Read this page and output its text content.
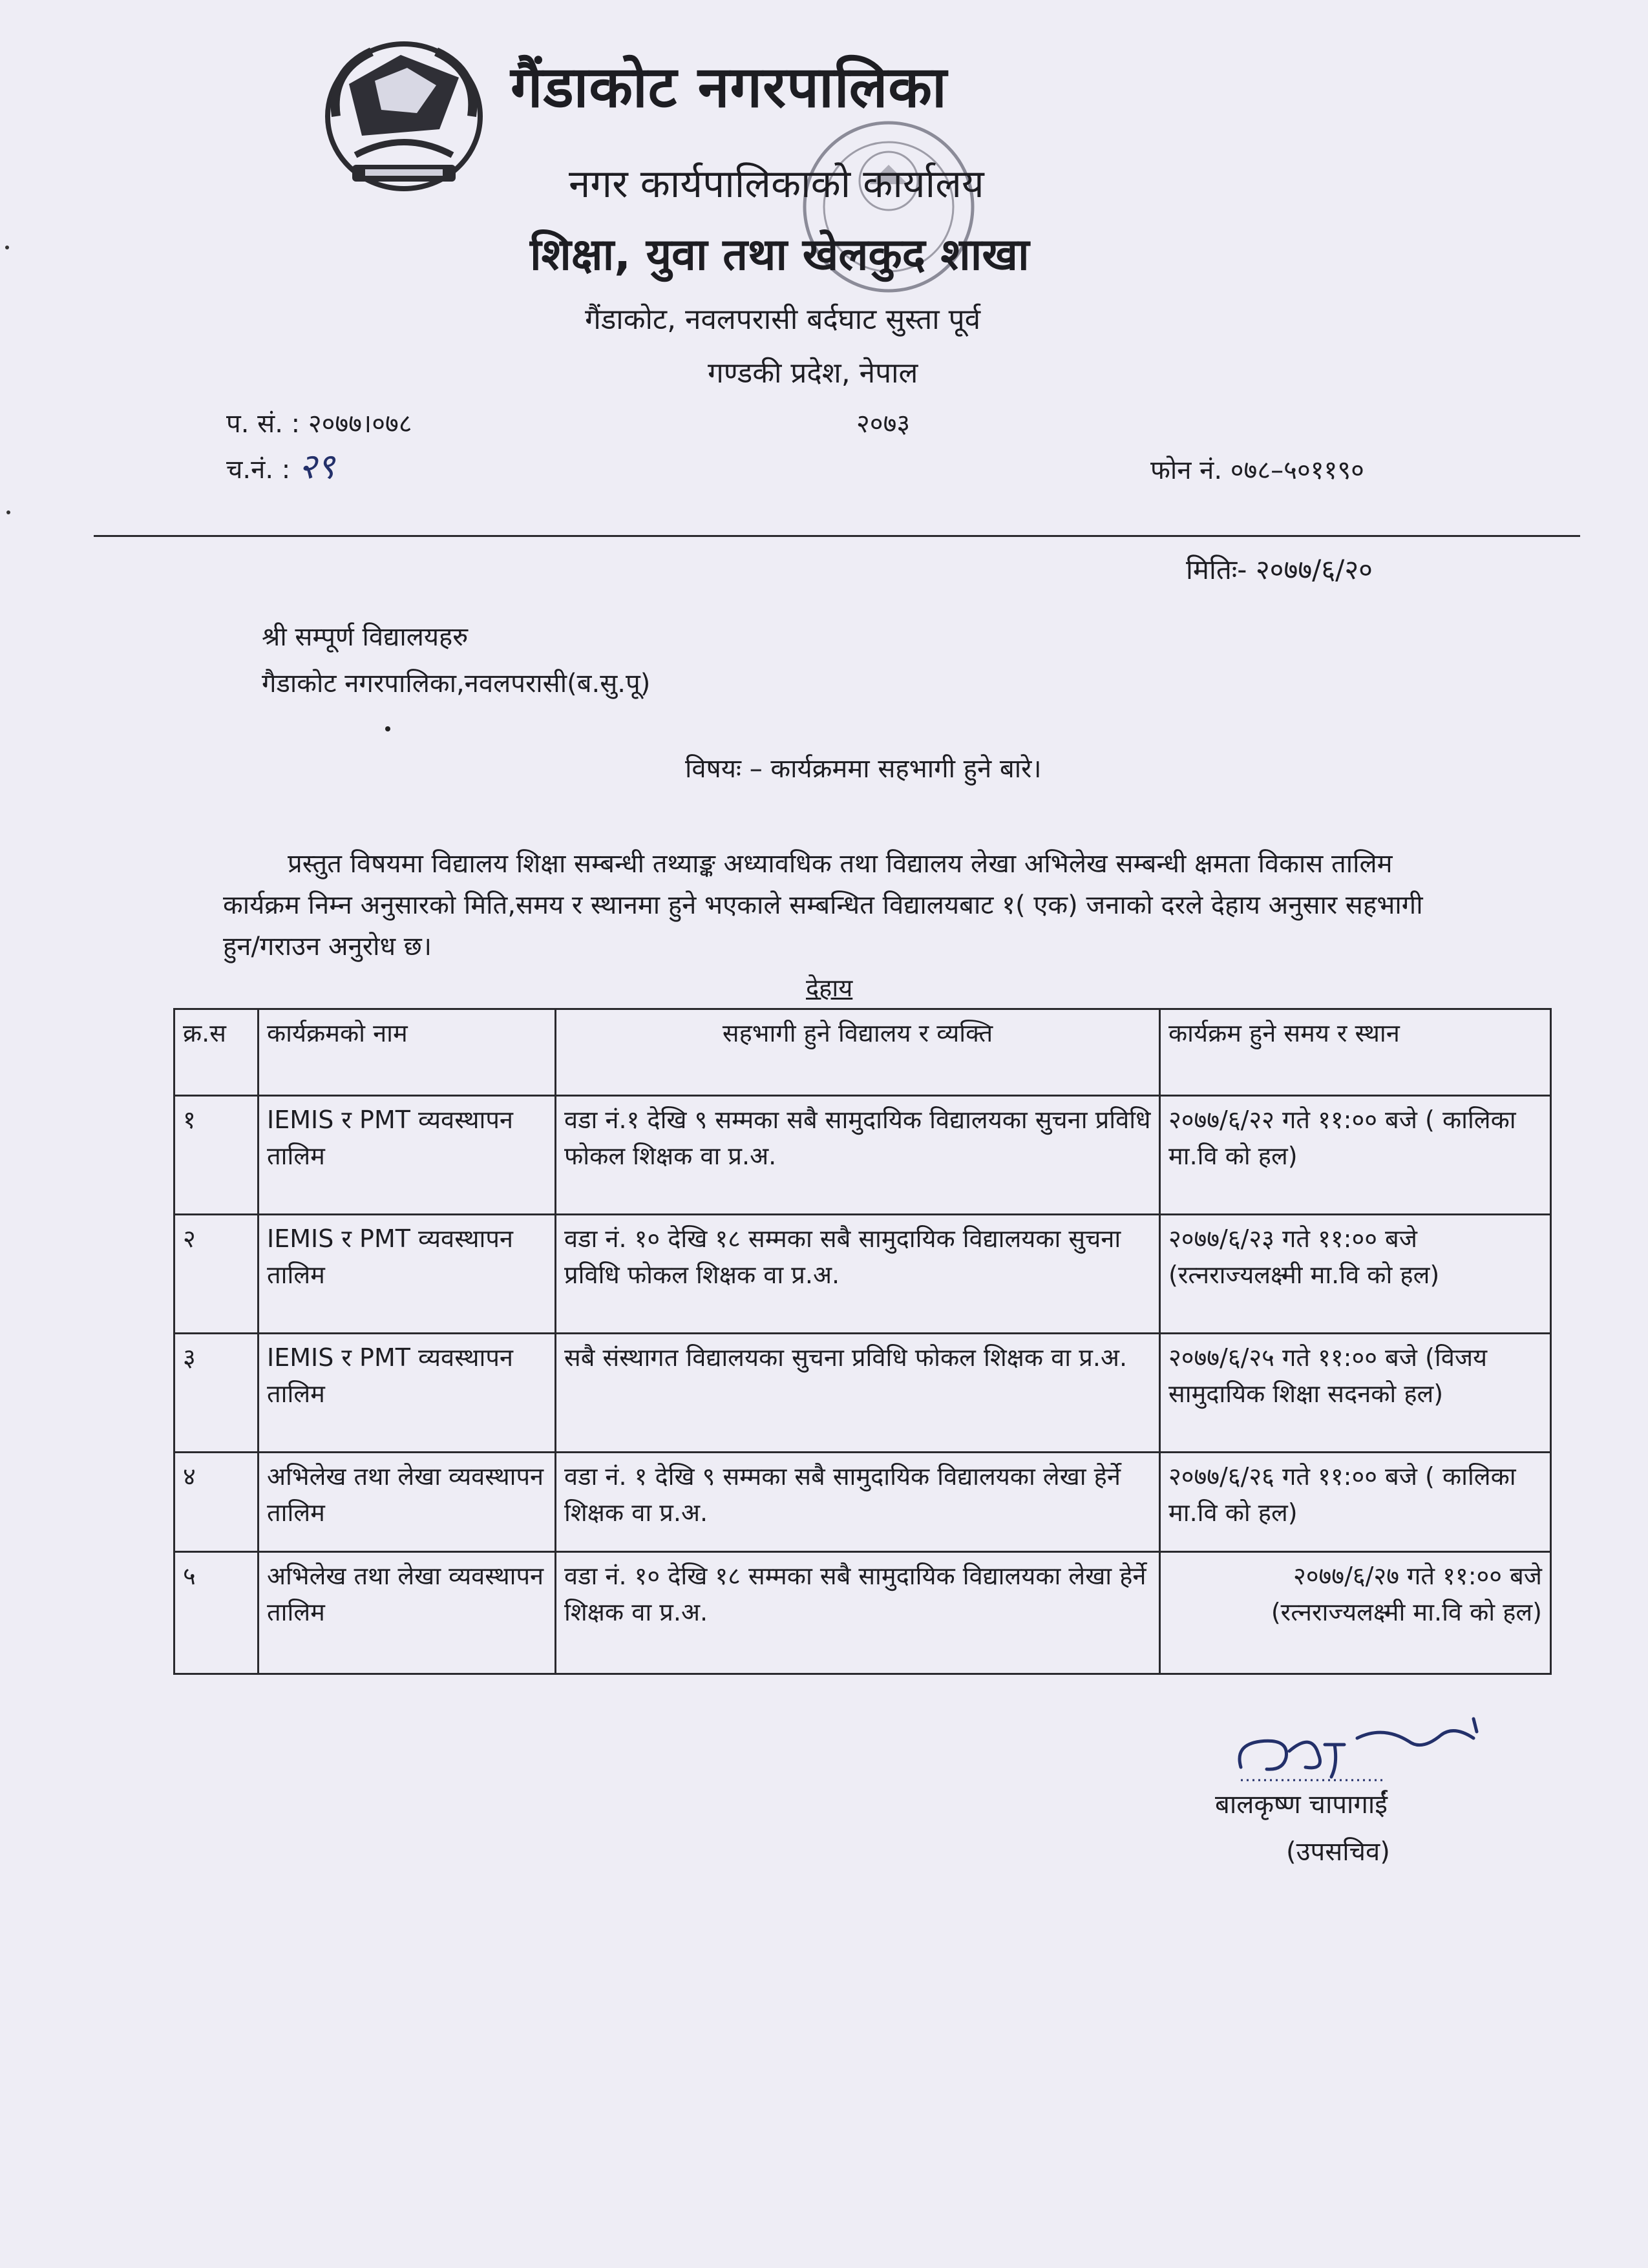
गैंडाकोट नगरपालिका
नगर कार्यपालिकाको कार्यालय
शिक्षा, युवा तथा खेलकुद शाखा
गैंडाकोट, नवलपरासी बर्दघाट सुस्ता पूर्व
गण्डकी प्रदेश, नेपाल
प. सं. : २०७७।०७८	२०७३
च.नं. : २९	फोन नं. ०७८–५०११९०
मितिः- २०७७/६/२०
श्री सम्पूर्ण विद्यालयहरु
गैडाकोट नगरपालिका,नवलपरासी(ब.सु.पू)
विषयः – कार्यक्रममा सहभागी हुने बारे।
प्रस्तुत विषयमा विद्यालय शिक्षा सम्बन्धी तथ्याङ्क अध्यावधिक तथा विद्यालय लेखा अभिलेख सम्बन्धी क्षमता विकास तालिम कार्यक्रम निम्न अनुसारको मिति,समय र स्थानमा हुने भएकाले सम्बन्धित विद्यालयबाट १( एक) जनाको दरले देहाय अनुसार सहभागी हुन/गराउन अनुरोध छ।
देहाय
क्र.स	कार्यक्रमको नाम	सहभागी हुने विद्यालय र व्यक्ति	कार्यक्रम हुने समय र स्थान
१	IEMIS र PMT व्यवस्थापन तालिम	वडा नं.१ देखि ९ सम्मका सबै सामुदायिक विद्यालयका सुचना प्रविधि फोकल शिक्षक वा प्र.अ.	२०७७/६/२२ गते ११:०० बजे ( कालिका मा.वि को हल)
२	IEMIS र PMT व्यवस्थापन तालिम	वडा नं. १० देखि १८ सम्मका सबै सामुदायिक विद्यालयका सुचना प्रविधि फोकल शिक्षक वा प्र.अ.	२०७७/६/२३ गते ११:०० बजे (रत्नराज्यलक्ष्मी मा.वि को हल)
३	IEMIS र PMT व्यवस्थापन तालिम	सबै संस्थागत विद्यालयका सुचना प्रविधि फोकल शिक्षक वा प्र.अ.	२०७७/६/२५ गते ११:०० बजे (विजय सामुदायिक शिक्षा सदनको हल)
४	अभिलेख तथा लेखा व्यवस्थापन तालिम	वडा नं. १ देखि ९ सम्मका सबै सामुदायिक विद्यालयका लेखा हेर्ने शिक्षक वा प्र.अ.	२०७७/६/२६ गते ११:०० बजे ( कालिका मा.वि को हल)
५	अभिलेख तथा लेखा व्यवस्थापन तालिम	वडा नं. १० देखि १८ सम्मका सबै सामुदायिक विद्यालयका लेखा हेर्ने शिक्षक वा प्र.अ.	२०७७/६/२७ गते ११:०० बजे (रत्नराज्यलक्ष्मी मा.वि को हल)
बालकृष्ण चापागाईं
(उपसचिव)
